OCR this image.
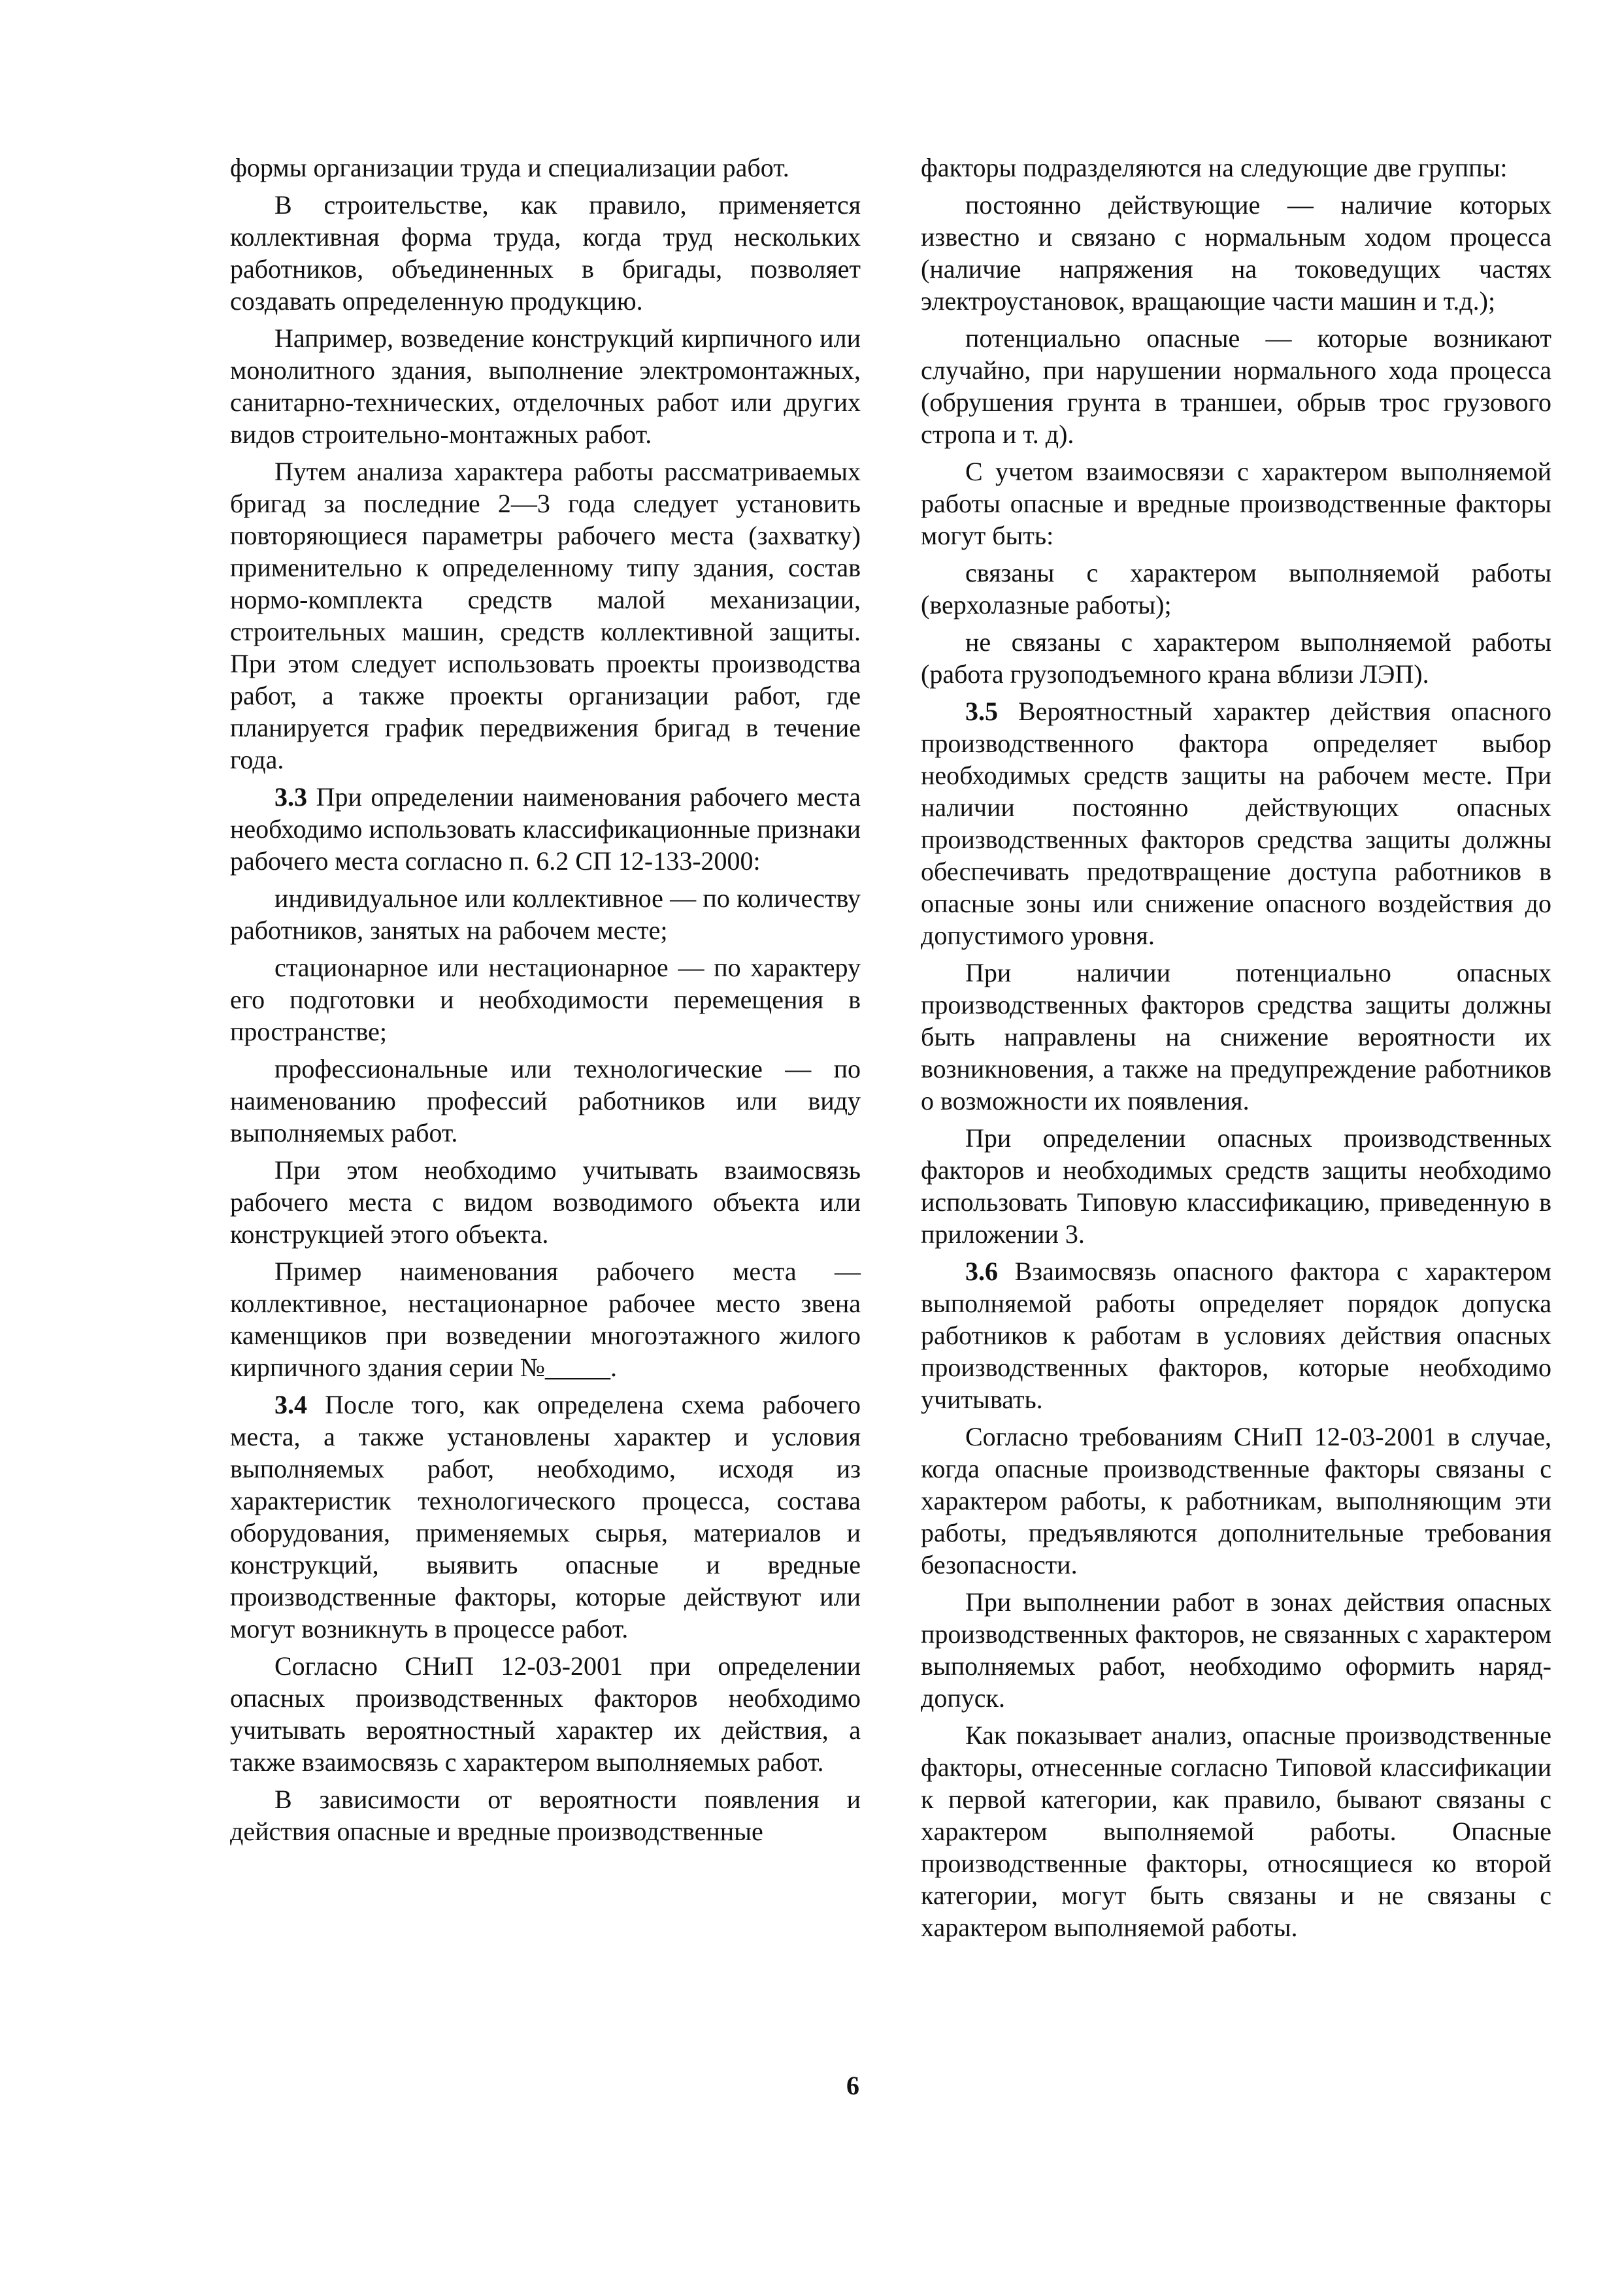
формы организации труда и специализации работ.

В строительстве, как правило, применяется коллективная форма труда, когда труд нескольких работников, объединенных в бригады, позволяет создавать определенную продукцию.

Например, возведение конструкций кирпичного или монолитного здания, выполнение электромонтажных, санитарно-технических, отделочных работ или других видов строительно-монтажных работ.

Путем анализа характера работы рассматриваемых бригад за последние 2—3 года следует установить повторяющиеся параметры рабочего места (захватку) применительно к определенному типу здания, состав нормо-комплекта средств малой механизации, строительных машин, средств коллективной защиты. При этом следует использовать проекты производства работ, а также проекты организации работ, где планируется график передвижения бригад в течение года.

3.3 При определении наименования рабочего места необходимо использовать классификационные признаки рабочего места согласно п. 6.2 СП 12-133-2000:

индивидуальное или коллективное — по количеству работников, занятых на рабочем месте;

стационарное или нестационарное — по характеру его подготовки и необходимости перемещения в пространстве;

профессиональные или технологические — по наименованию профессий работников или виду выполняемых работ.

При этом необходимо учитывать взаимосвязь рабочего места с видом возводимого объекта или конструкцией этого объекта.

Пример наименования рабочего места — коллективное, нестационарное рабочее место звена каменщиков при возведении многоэтажного жилого кирпичного здания серии №_____.

3.4 После того, как определена схема рабочего места, а также установлены характер и условия выполняемых работ, необходимо, исходя из характеристик технологического процесса, состава оборудования, применяемых сырья, материалов и конструкций, выявить опасные и вредные производственные факторы, которые действуют или могут возникнуть в процессе работ.

Согласно СНиП 12-03-2001 при определении опасных производственных факторов необходимо учитывать вероятностный характер их действия, а также взаимосвязь с характером выполняемых работ.

В зависимости от вероятности появления и действия опасные и вредные производственные

факторы подразделяются на следующие две группы:

постоянно действующие — наличие которых известно и связано с нормальным ходом процесса (наличие напряжения на токоведущих частях электроустановок, вращающие части машин и т.д.);

потенциально опасные — которые возникают случайно, при нарушении нормального хода процесса (обрушения грунта в траншеи, обрыв трос грузового стропа и т. д).

С учетом взаимосвязи с характером выполняемой работы опасные и вредные производственные факторы могут быть:

связаны с характером выполняемой работы (верхолазные работы);

не связаны с характером выполняемой работы (работа грузоподъемного крана вблизи ЛЭП).

3.5 Вероятностный характер действия опасного производственного фактора определяет выбор необходимых средств защиты на рабочем месте. При наличии постоянно действующих опасных производственных факторов средства защиты должны обеспечивать предотвращение доступа работников в опасные зоны или снижение опасного воздействия до допустимого уровня.

При наличии потенциально опасных производственных факторов средства защиты должны быть направлены на снижение вероятности их возникновения, а также на предупреждение работников о возможности их появления.

При определении опасных производственных факторов и необходимых средств защиты необходимо использовать Типовую классификацию, приведенную в приложении 3.

3.6 Взаимосвязь опасного фактора с характером выполняемой работы определяет порядок допуска работников к работам в условиях действия опасных производственных факторов, которые необходимо учитывать.

Согласно требованиям СНиП 12-03-2001 в случае, когда опасные производственные факторы связаны с характером работы, к работникам, выполняющим эти работы, предъявляются дополнительные требования безопасности.

При выполнении работ в зонах действия опасных производственных факторов, не связанных с характером выполняемых работ, необходимо оформить наряд-допуск.

Как показывает анализ, опасные производственные факторы, отнесенные согласно Типовой классификации к первой категории, как правило, бывают связаны с характером выполняемой работы. Опасные производственные факторы, относящиеся ко второй категории, могут быть связаны и не связаны с характером выполняемой работы.

6
